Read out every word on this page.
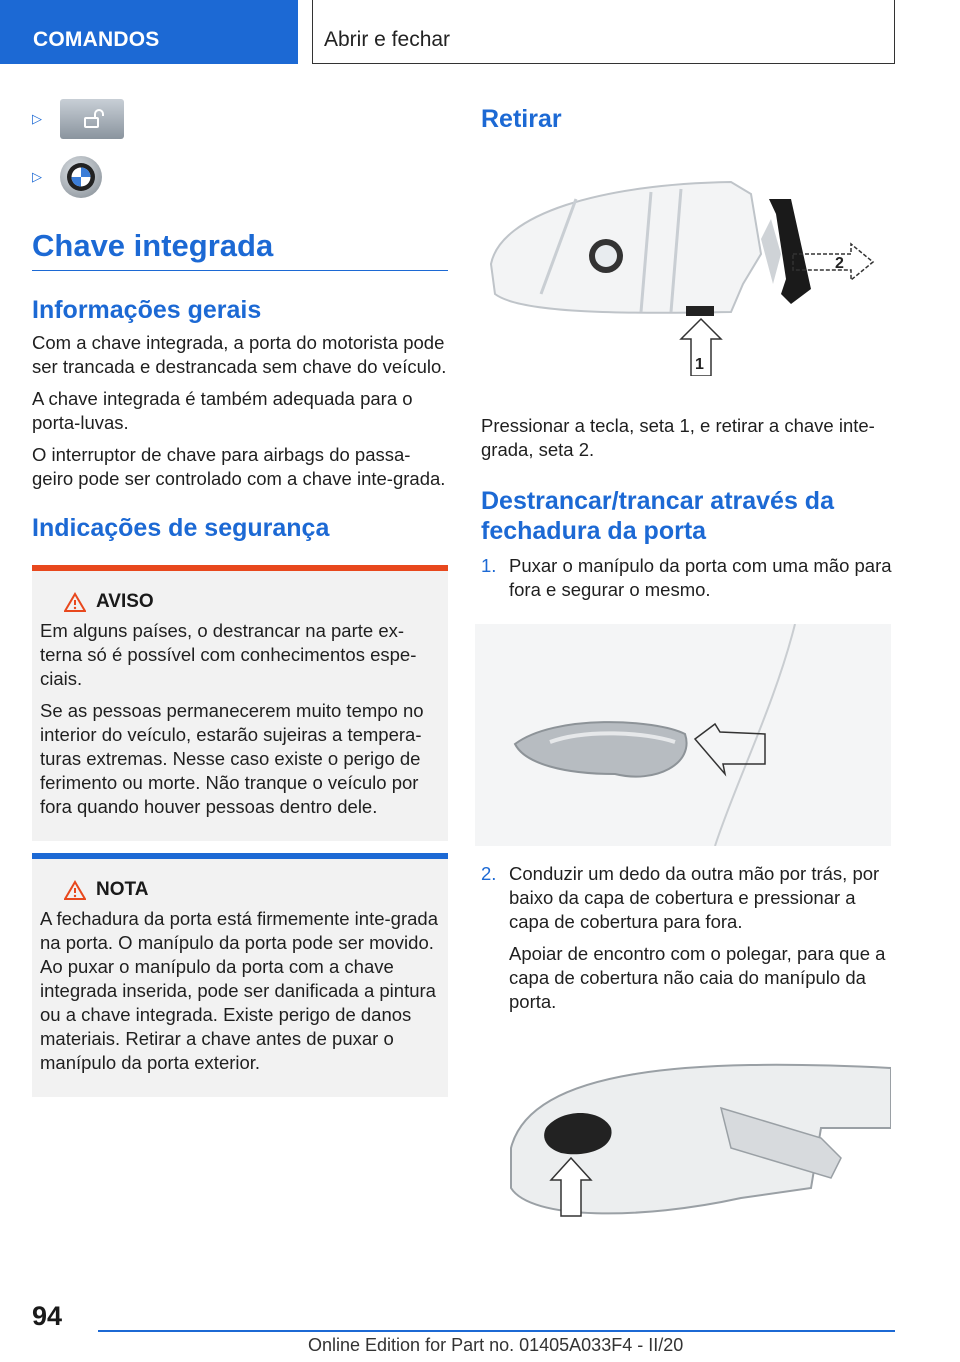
COMANDOS	Abrir e fechar
▷
▷
Chave integrada
Informações gerais

Com a chave integrada, a porta do motorista pode ser trancada e destrancada sem chave do veículo.

A chave integrada é também adequada para o porta-luvas.

O interruptor de chave para airbags do passa-geiro pode ser controlado com a chave inte-grada.

Indicações de segurança
AVISO

Em alguns países, o destrancar na parte ex-terna só é possível com conhecimentos espe-ciais.

Se as pessoas permanecerem muito tempo no interior do veículo, estarão sujeiras a tempera-turas extremas. Nesse caso existe o perigo de ferimento ou morte. Não tranque o veículo por fora quando houver pessoas dentro dele.

NOTA

A fechadura da porta está firmemente inte-grada na porta. O manípulo da porta pode ser movido. Ao puxar o manípulo da porta com a chave integrada inserida, pode ser danificada a pintura ou a chave integrada. Existe perigo de danos materiais. Retirar a chave antes de puxar o manípulo da porta exterior.

Retirar
2
1

Pressionar a tecla, seta 1, e retirar a chave inte-grada, seta 2.

Destrancar/trancar através da fechadura da porta
1. Puxar o manípulo da porta com uma mão para fora e segurar o mesmo.

2. Conduzir um dedo da outra mão por trás, por baixo da capa de cobertura e pressionar a capa de cobertura para fora.

Apoiar de encontro com o polegar, para que a capa de cobertura não caia do manípulo da porta.

94
Online Edition for Part no. 01405A033F4 - II/20
